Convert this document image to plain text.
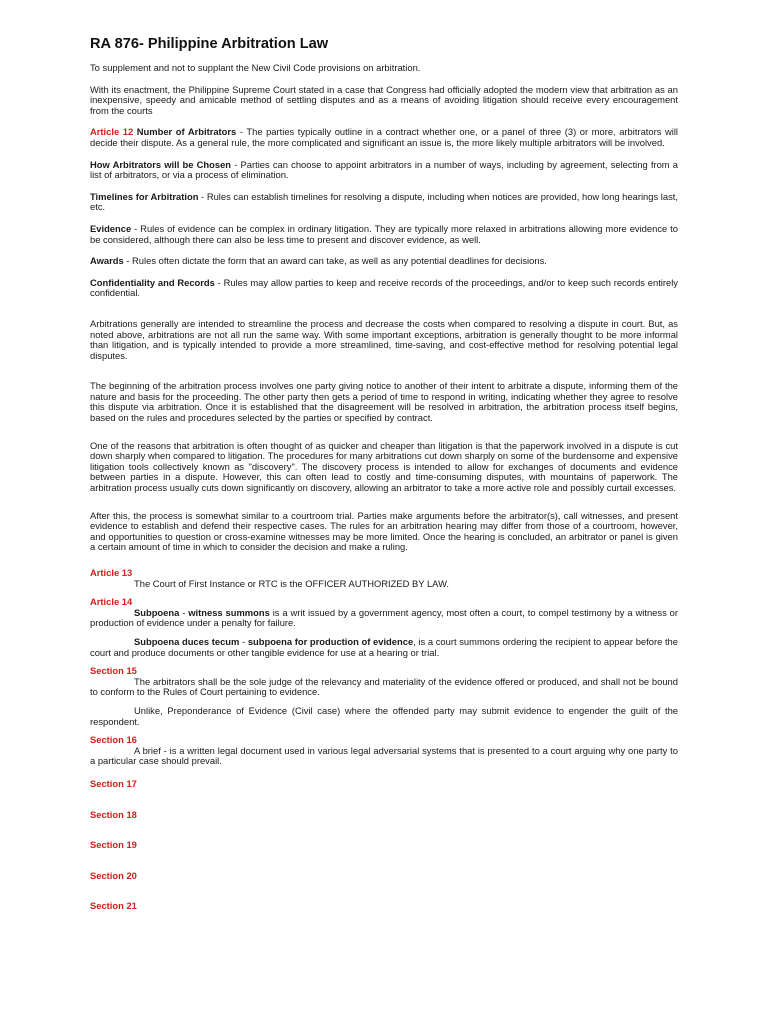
RA 876- Philippine Arbitration Law

To supplement and not to supplant the New Civil Code provisions on arbitration.

With its enactment, the Philippine Supreme Court stated in a case that Congress had officially adopted the modern view that arbitration as an inexpensive, speedy and amicable method of settling disputes and as a means of avoiding litigation should receive every encouragement from the courts

Article 12 Number of Arbitrators - The parties typically outline in a contract whether one, or a panel of three (3) or more, arbitrators will decide their dispute. As a general rule, the more complicated and significant an issue is, the more likely multiple arbitrators will be involved.

How Arbitrators will be Chosen - Parties can choose to appoint arbitrators in a number of ways, including by agreement, selecting from a list of arbitrators, or via a process of elimination.

Timelines for Arbitration - Rules can establish timelines for resolving a dispute, including when notices are provided, how long hearings last, etc.

Evidence - Rules of evidence can be complex in ordinary litigation. They are typically more relaxed in arbitrations allowing more evidence to be considered, although there can also be less time to present and discover evidence, as well.

Awards - Rules often dictate the form that an award can take, as well as any potential deadlines for decisions.

Confidentiality and Records - Rules may allow parties to keep and receive records of the proceedings, and/or to keep such records entirely confidential.

Arbitrations generally are intended to streamline the process and decrease the costs when compared to resolving a dispute in court. But, as noted above, arbitrations are not all run the same way. With some important exceptions, arbitration is generally thought to be more informal than litigation, and is typically intended to provide a more streamlined, time-saving, and cost-effective method for resolving potential legal disputes.

The beginning of the arbitration process involves one party giving notice to another of their intent to arbitrate a dispute, informing them of the nature and basis for the proceeding. The other party then gets a period of time to respond in writing, indicating whether they agree to resolve this dispute via arbitration. Once it is established that the disagreement will be resolved in arbitration, the arbitration process itself begins, based on the rules and procedures selected by the parties or specified by contract.

One of the reasons that arbitration is often thought of as quicker and cheaper than litigation is that the paperwork involved in a dispute is cut down sharply when compared to litigation. The procedures for many arbitrations cut down sharply on some of the burdensome and expensive litigation tools collectively known as "discovery". The discovery process is intended to allow for exchanges of documents and evidence between parties in a dispute. However, this can often lead to costly and time-consuming disputes, with mountains of paperwork. The arbitration process usually cuts down significantly on discovery, allowing an arbitrator to take a more active role and possibly curtail excesses.

After this, the process is somewhat similar to a courtroom trial. Parties make arguments before the arbitrator(s), call witnesses, and present evidence to establish and defend their respective cases. The rules for an arbitration hearing may differ from those of a courtroom, however, and opportunities to question or cross-examine witnesses may be more limited. Once the hearing is concluded, an arbitrator or panel is given a certain amount of time in which to consider the decision and make a ruling.

Article 13

The Court of First Instance or RTC is the OFFICER AUTHORIZED BY LAW.

Article 14

Subpoena - witness summons is a writ issued by a government agency, most often a court, to compel testimony by a witness or production of evidence under a penalty for failure.

Subpoena duces tecum - subpoena for production of evidence, is a court summons ordering the recipient to appear before the court and produce documents or other tangible evidence for use at a hearing or trial.

Section 15

The arbitrators shall be the sole judge of the relevancy and materiality of the evidence offered or produced, and shall not be bound to conform to the Rules of Court pertaining to evidence.

Unlike, Preponderance of Evidence (Civil case) where the offended party may submit evidence to engender the guilt of the respondent.

Section 16

A brief - is a written legal document used in various legal adversarial systems that is presented to a court arguing why one party to a particular case should prevail.

Section 17
Section 18
Section 19
Section 20
Section 21
